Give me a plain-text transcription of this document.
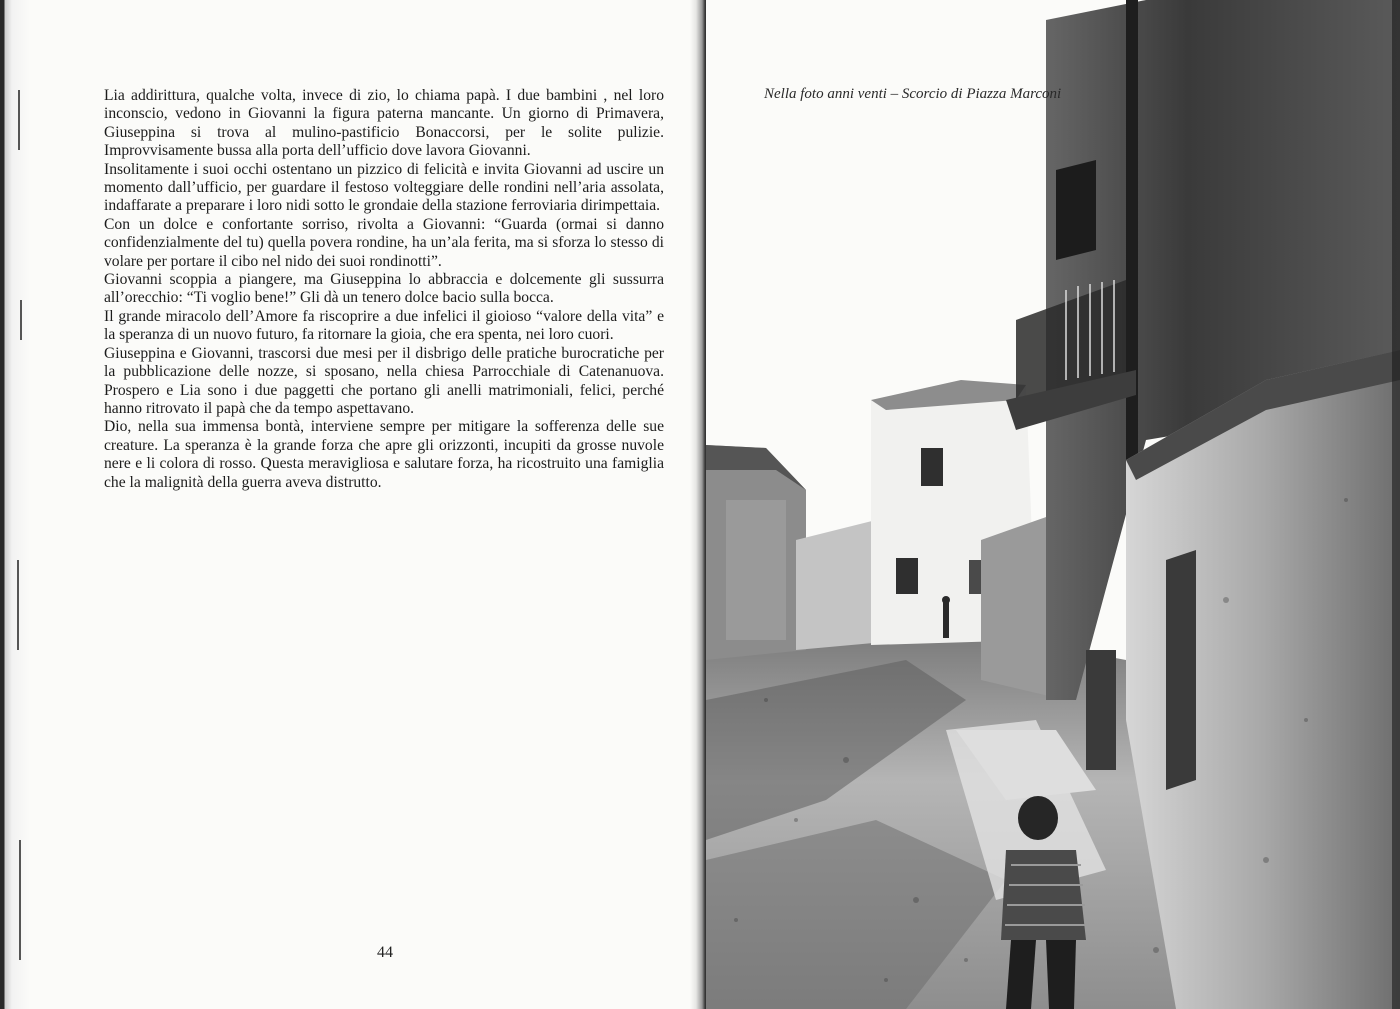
Lia addirittura, qualche volta, invece di zio, lo chiama papà. I due bambini , nel loro inconscio, vedono in Giovanni la figura paterna mancante. Un giorno di Primavera, Giuseppina si trova al mulino-pastificio Bonaccorsi, per le solite pulizie. Improvvisamente bussa alla porta dell’ufficio dove lavora Giovanni.

Insolitamente i suoi occhi ostentano un pizzico di felicità e invita Giovanni ad uscire un momento dall’ufficio, per guardare il festoso volteggiare delle rondini nell’aria assolata, indaffarate a preparare i loro nidi sotto le grondaie della stazione ferroviaria dirimpettaia.

Con un dolce e confortante sorriso, rivolta a Giovanni: “Guarda (ormai si danno confidenzialmente del tu) quella povera rondine, ha un’ala ferita, ma si sforza lo stesso di volare per portare il cibo nel nido dei suoi rondinotti”.

Giovanni scoppia a piangere, ma Giuseppina lo abbraccia e dolcemente gli sussurra all’orecchio: “Ti voglio bene!” Gli dà un tenero dolce bacio sulla bocca.

Il grande miracolo dell’Amore fa riscoprire a due infelici il gioioso “valore della vita” e la speranza di un nuovo futuro, fa ritornare la gioia, che era spenta, nei loro cuori.

Giuseppina e Giovanni, trascorsi due mesi per il disbrigo delle pratiche burocratiche per la pubblicazione delle nozze, si sposano, nella chiesa Parrocchiale di Catenanuova. Prospero e Lia sono i due paggetti che portano gli anelli matrimoniali, felici, perché hanno ritrovato il papà che da tempo aspettavano.

Dio, nella sua immensa bontà, interviene sempre per mitigare la sofferenza delle sue creature. La speranza è la grande forza che apre gli orizzonti, incupiti da grosse nuvole nere e li colora di rosso. Questa meravigliosa e salutare forza, ha ricostruito una famiglia che la malignità della guerra aveva distrutto.

44
Nella foto anni venti – Scorcio di Piazza Marconi
